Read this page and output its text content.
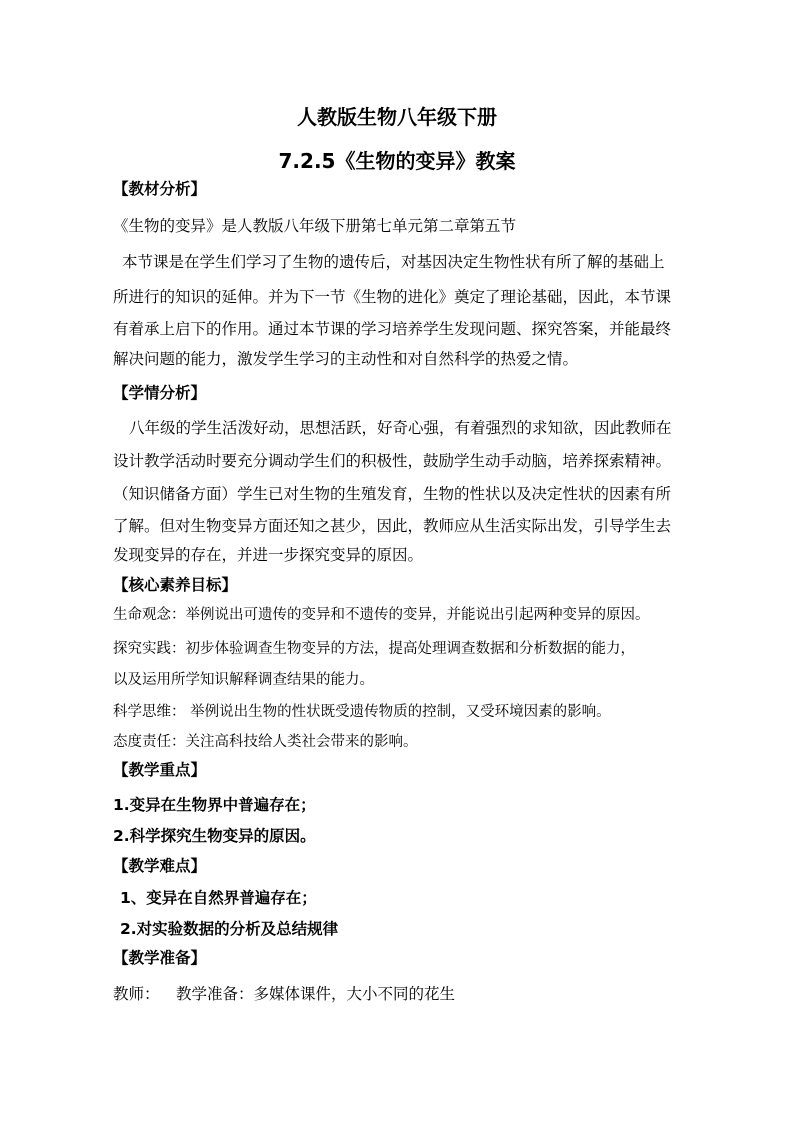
人教版生物八年级下册
7.2.5《生物的变异》教案
【教材分析】
《生物的变异》是人教版八年级下册第七单元第二章第五节
本节课是在学生们学习了生物的遗传后，对基因决定生物性状有所了解的基础上
所进行的知识的延伸。并为下一节《生物的进化》奠定了理论基础，因此，本节课
有着承上启下的作用。通过本节课的学习培养学生发现问题、探究答案，并能最终
解决问题的能力，激发学生学习的主动性和对自然科学的热爱之情。
【学情分析】
八年级的学生活泼好动，思想活跃，好奇心强，有着强烈的求知欲，因此教师在
设计教学活动时要充分调动学生们的积极性，鼓励学生动手动脑，培养探索精神。
（知识储备方面）学生已对生物的生殖发育，生物的性状以及决定性状的因素有所
了解。但对生物变异方面还知之甚少，因此，教师应从生活实际出发，引导学生去
发现变异的存在，并进一步探究变异的原因。
【核心素养目标】
生命观念：举例说出可遗传的变异和不遗传的变异，并能说出引起两种变异的原因。
探究实践：初步体验调查生物变异的方法，提高处理调查数据和分析数据的能力，
以及运用所学知识解释调查结果的能力。
科学思维： 举例说出生物的性状既受遗传物质的控制，又受环境因素的影响。
态度责任：关注高科技给人类社会带来的影响。
【教学重点】
1.变异在生物界中普遍存在；
2.科学探究生物变异的原因。
【教学难点】
1、变异在自然界普遍存在；
2.对实验数据的分析及总结规律
【教学准备】
教师： 教学准备：多媒体课件，大小不同的花生
